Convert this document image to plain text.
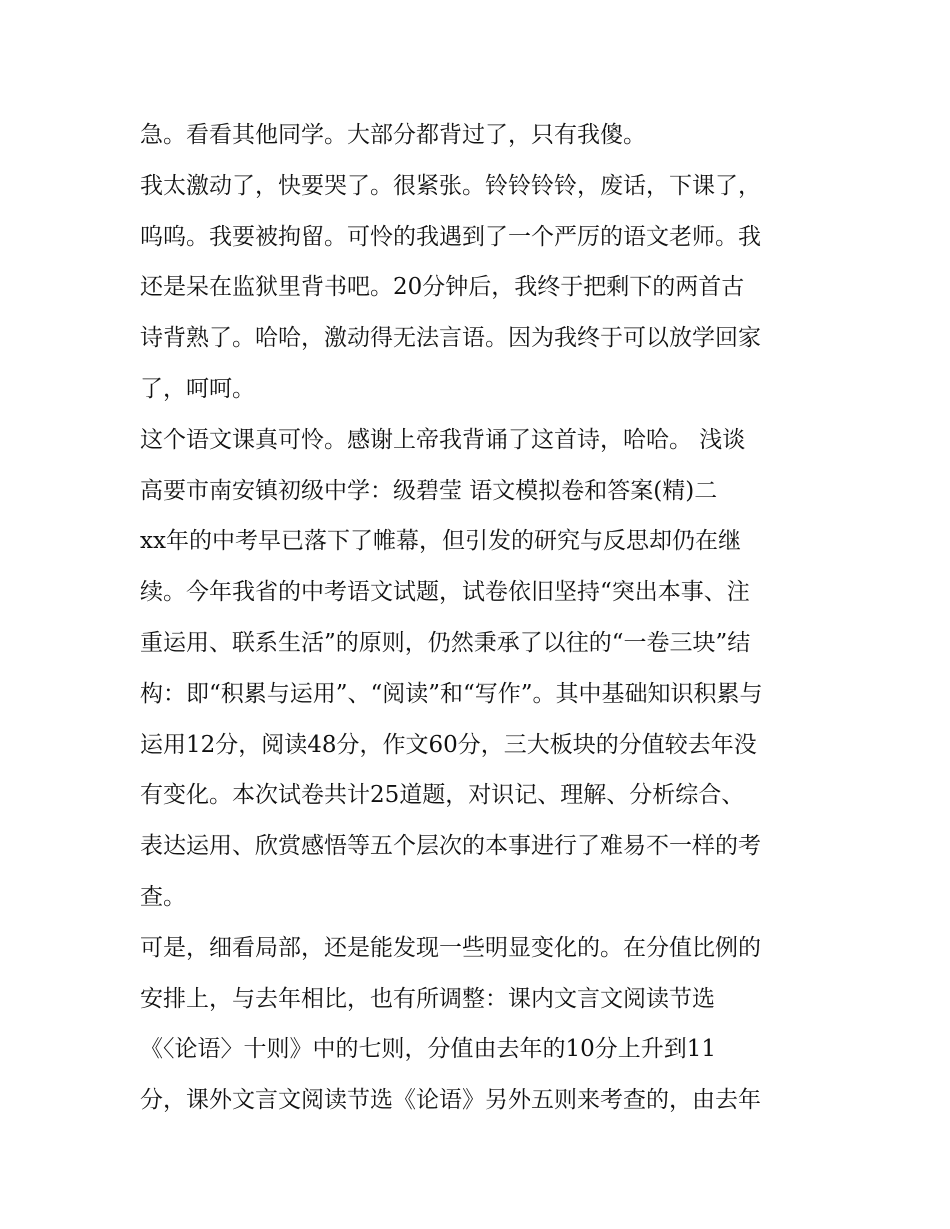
急。看看其他同学。大部分都背过了，只有我傻。
我太激动了，快要哭了。很紧张。铃铃铃铃，废话，下课了，
呜呜。我要被拘留。可怜的我遇到了一个严厉的语文老师。我
还是呆在监狱里背书吧。20分钟后，我终于把剩下的两首古
诗背熟了。哈哈，激动得无法言语。因为我终于可以放学回家
了，呵呵。
这个语文课真可怜。感谢上帝我背诵了这首诗，哈哈。 浅谈
高要市南安镇初级中学：级碧莹 语文模拟卷和答案(精)二
xx年的中考早已落下了帷幕，但引发的研究与反思却仍在继
续。今年我省的中考语文试题，试卷依旧坚持“突出本事、注
重运用、联系生活”的原则，仍然秉承了以往的“一卷三块”结
构：即“积累与运用”、“阅读”和“写作”。其中基础知识积累与
运用12分，阅读48分，作文60分，三大板块的分值较去年没
有变化。本次试卷共计25道题，对识记、理解、分析综合、
表达运用、欣赏感悟等五个层次的本事进行了难易不一样的考
查。
可是，细看局部，还是能发现一些明显变化的。在分值比例的
安排上，与去年相比，也有所调整：课内文言文阅读节选
《〈论语〉十则》中的七则，分值由去年的10分上升到11
分，课外文言文阅读节选《论语》另外五则来考查的，由去年
